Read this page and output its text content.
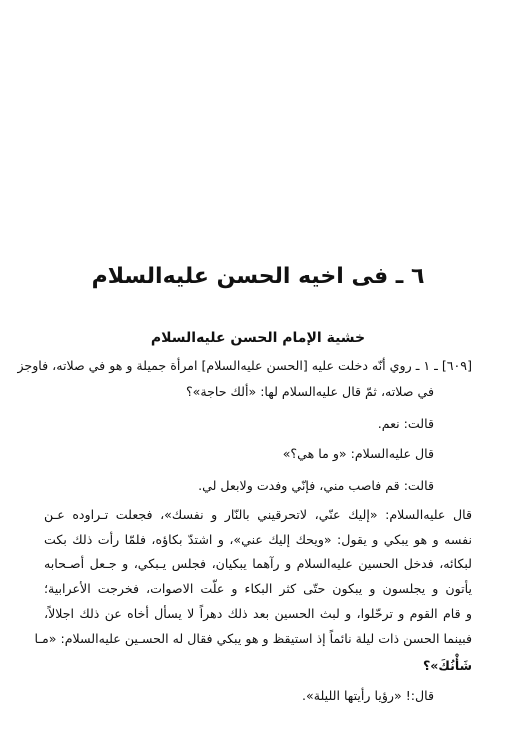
٦ ـ فی اخیه الحسن علیه‌السلام
خشية الإمام الحسن علیه‌السلام
[٦٠٩] ـ ١ ـ روي أنّه دخلت عليه [الحسن علیه‌السلام] امرأة جميلة و هو في صلاته، فاوجز
في صلاته، ثمّ قال علیه‌السلام لها: «ألك حاجة»؟
قالت: نعم.
قال علیه‌السلام: «و ما هي؟»
قالت: قم فاصب مني، فإنّي وفدت ولابعل لي.
قال علیه‌السلام: «إليك عنّي، لاتحرقيني بالنّار و نفسك»، فجعلت تـراوده عـن
نفسه و هو يبكي و يقول: «ويحك إليك عني»، و اشتدّ بكاؤه، فلمّا رأت ذلك بكت
لبكائه، فدخل الحسين علیه‌السلام و رآهما يبكيان، فجلس يـبكي، و جـعل أصـحابه
يأتون و يجلسون و يبكون حتّى كثر البكاء و علّت الاصوات، فخرجت الأعرابية؛
و قام القوم و ترحّلوا، و لبث الحسين بعد ذلك دهراً لا يسأل أخاه عن ذلك اجلالاً،
فبينما الحسن ذات ليلة نائماً إذ استيقظ و هو يبكي فقال له الحسـين علیه‌السلام: «مـا
شَأْنُكَ»؟
قال:! «رؤيا رأيتها الليلة».
